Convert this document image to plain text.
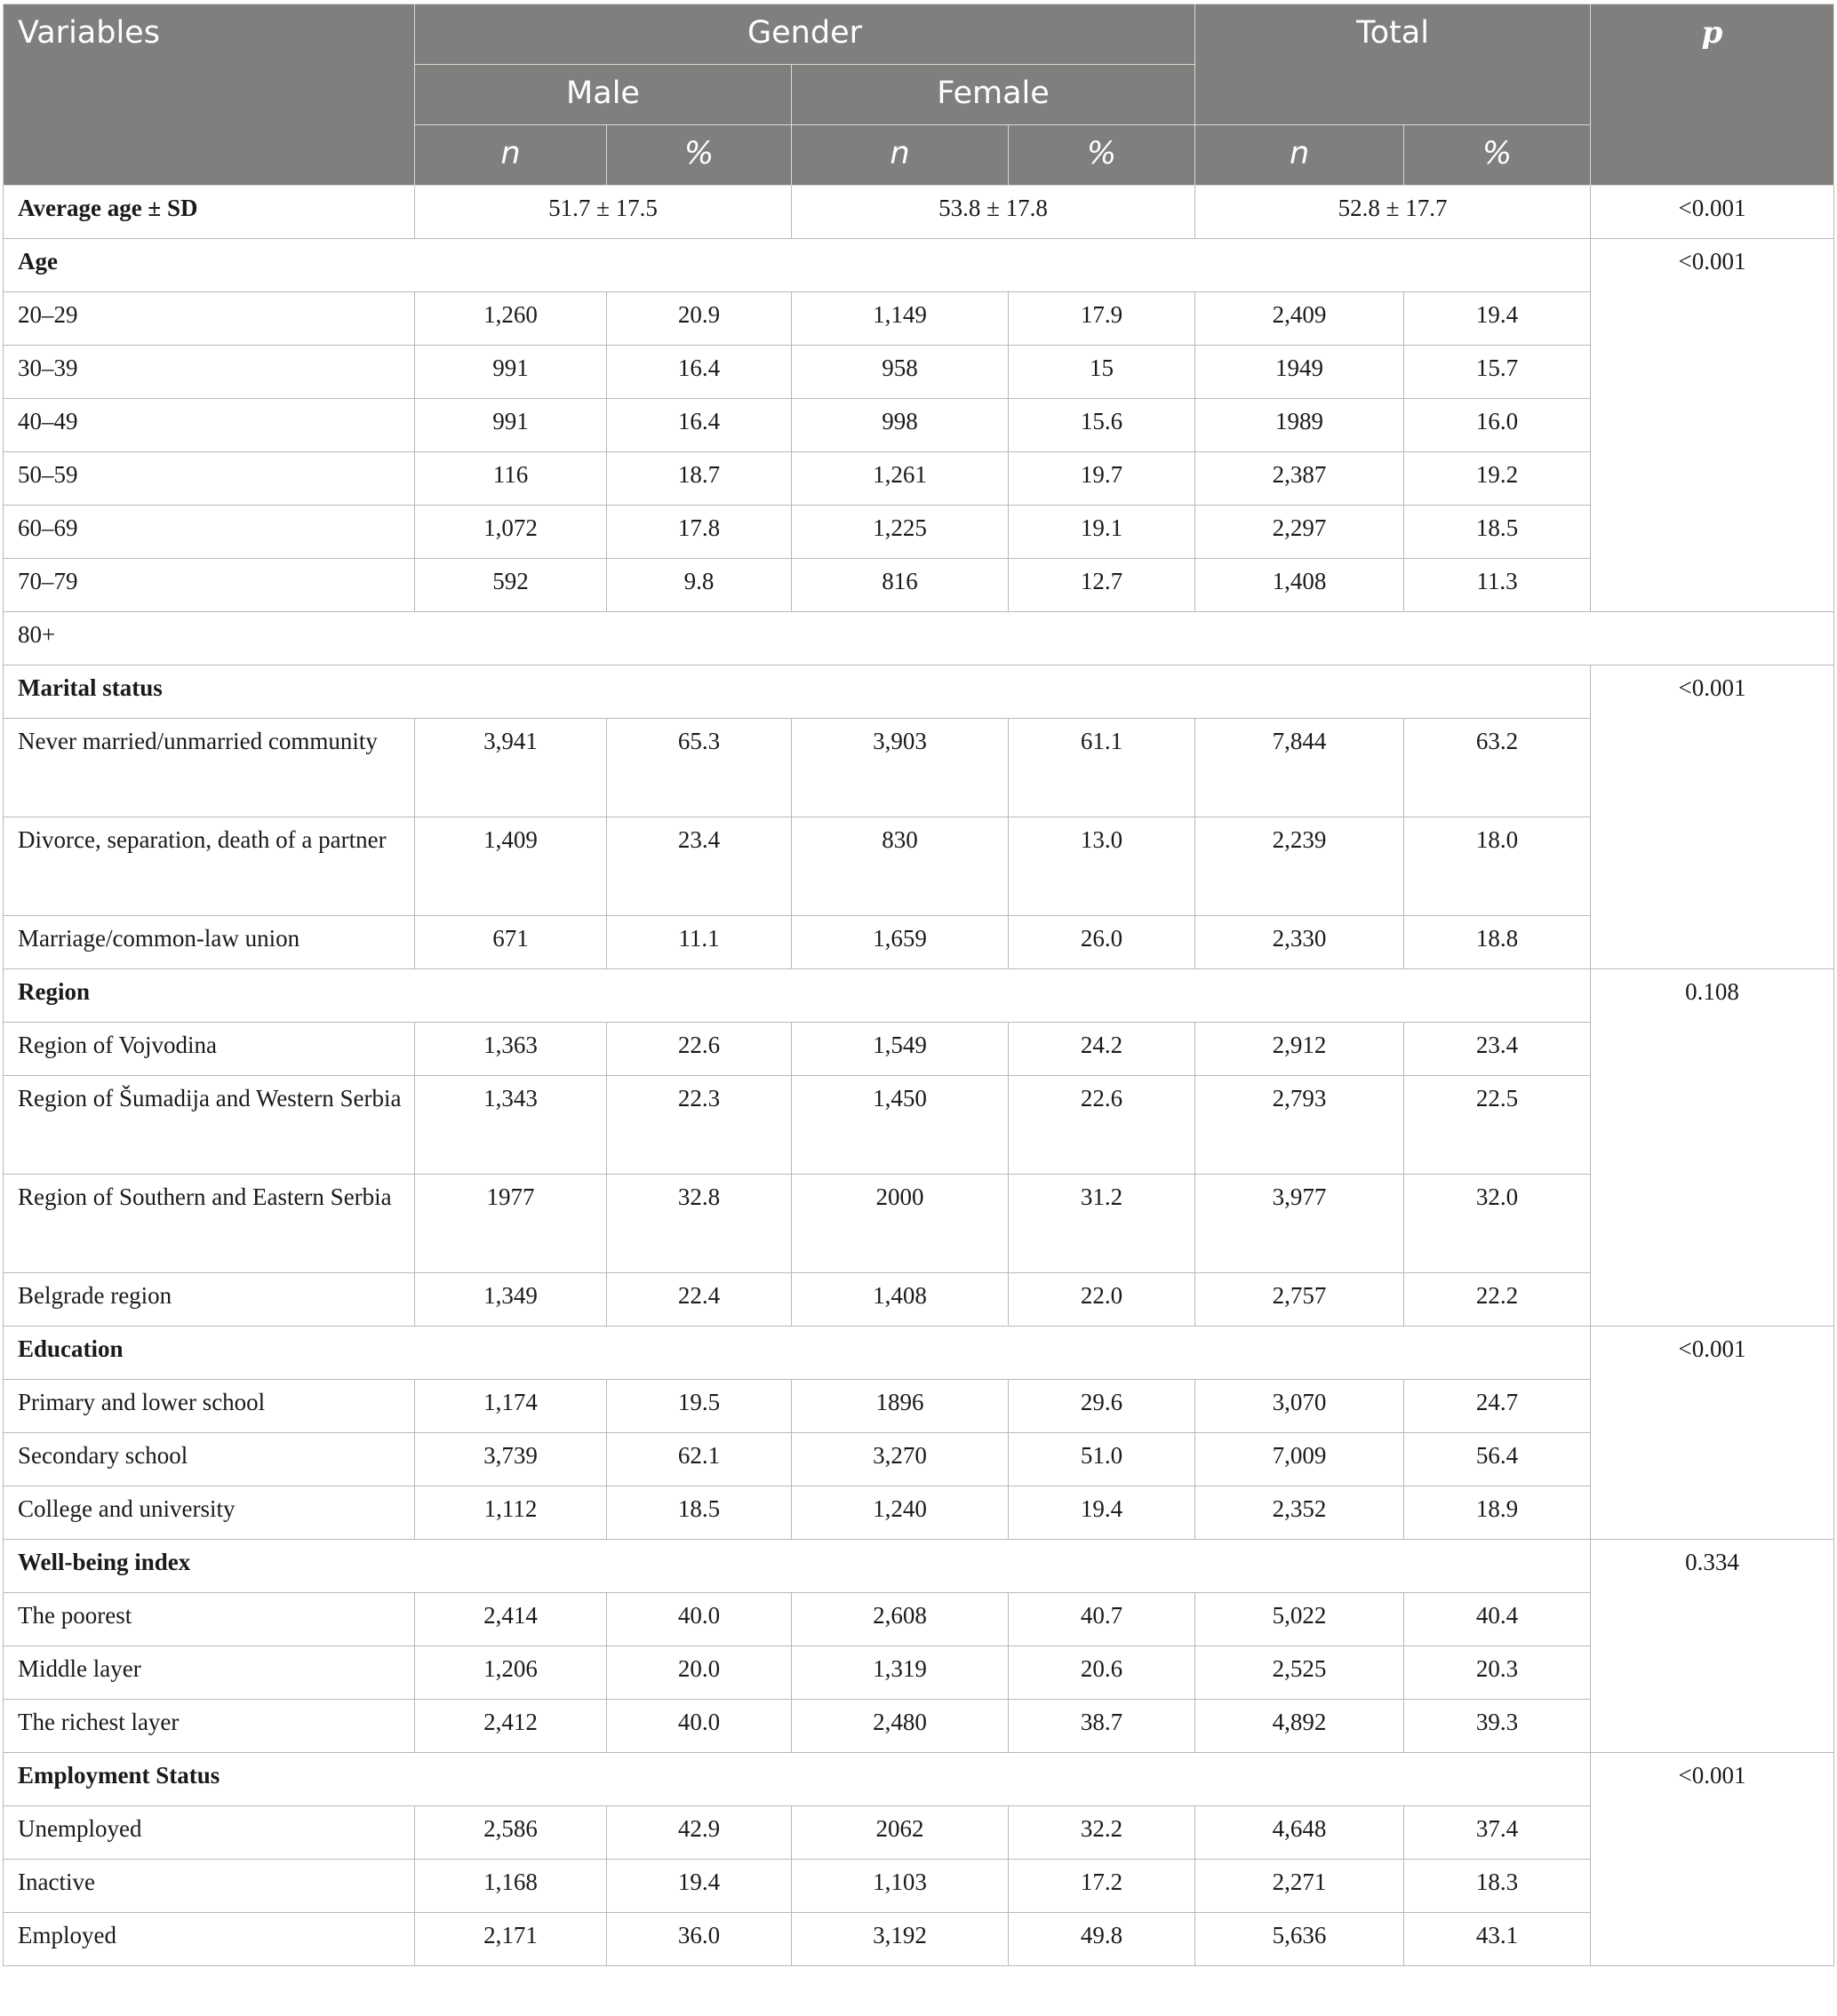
Variables	Gender				Total		p
	Male		Female				
	n	%	n	%	n	%	
Average age ± SD	51.7 ± 17.5		53.8 ± 17.8		52.8 ± 17.7		<0.001
Age							<0.001
20–29	1,260	20.9	1,149	17.9	2,409	19.4	
30–39	991	16.4	958	15	1949	15.7	
40–49	991	16.4	998	15.6	1989	16.0	
50–59	116	18.7	1,261	19.7	2,387	19.2	
60–69	1,072	17.8	1,225	19.1	2,297	18.5	
70–79	592	9.8	816	12.7	1,408	11.3	
80+							
Marital status							<0.001
Never married/unmarried community	3,941	65.3	3,903	61.1	7,844	63.2	
Divorce, separation, death of a partner	1,409	23.4	830	13.0	2,239	18.0	
Marriage/common-law union	671	11.1	1,659	26.0	2,330	18.8	
Region							0.108
Region of Vojvodina	1,363	22.6	1,549	24.2	2,912	23.4	
Region of Šumadija and Western Serbia	1,343	22.3	1,450	22.6	2,793	22.5	
Region of Southern and Eastern Serbia	1977	32.8	2000	31.2	3,977	32.0	
Belgrade region	1,349	22.4	1,408	22.0	2,757	22.2	
Education							<0.001
Primary and lower school	1,174	19.5	1896	29.6	3,070	24.7	
Secondary school	3,739	62.1	3,270	51.0	7,009	56.4	
College and university	1,112	18.5	1,240	19.4	2,352	18.9	
Well-being index							0.334
The poorest	2,414	40.0	2,608	40.7	5,022	40.4	
Middle layer	1,206	20.0	1,319	20.6	2,525	20.3	
The richest layer	2,412	40.0	2,480	38.7	4,892	39.3	
Employment Status							<0.001
Unemployed	2,586	42.9	2062	32.2	4,648	37.4	
Inactive	1,168	19.4	1,103	17.2	2,271	18.3	
Employed	2,171	36.0	3,192	49.8	5,636	43.1	
